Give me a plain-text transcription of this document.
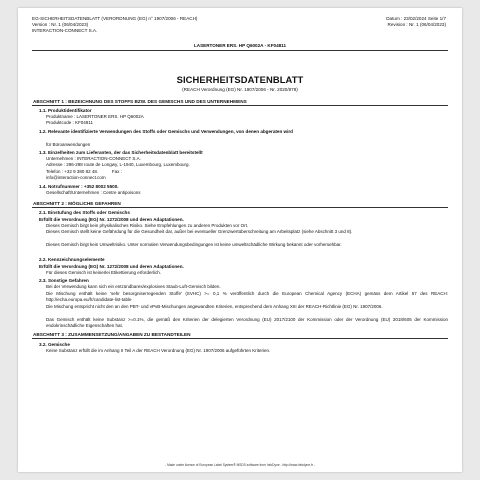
EG-SICHERHEITSDATENBLATT (VERORDNUNG (EG) n° 1907/2006 - REACH)
Version : Nr. 1 (06/04/2023)
INTERACTION-CONNECT S.A.
Datum : 23/02/2024 Seite 1/7
Revision : Nr. 1 (06/04/2023)
LASERTONER ERS. HP Q6002A - KF04811
SICHERHEITSDATENBLATT
(REACH Verordnung (EG) Nr. 1907/2006 - Nr. 2020/878)
ABSCHNITT 1 : BEZEICHNUNG DES STOFFS BZW. DES GEMISCHS UND DES UNTERNEHMENS
1.1. Produktidentifikator
Produktname : LASERTONER ERS. HP Q6002A
Produktcode : KF04811
1.2. Relevante identifizierte Verwendungen des Stoffs oder Gemischs und Verwendungen, von denen abgeraten wird
für Büroanwendungen
1.3. Einzelheiten zum Lieferanten, der das Sicherheitsdatenblatt bereitstellt
Unternehmen : INTERACTION-CONNECT S.A.
Adresse : 296-298 route de Longwy, L-1940, Luxembourg, Luxembourg.
Telefon : +32 9 380 82 48.           Fax :
info@interaction-connect.com
1.4. Notrufnummer : +352 8002 5500.
Gesellschaft/Unternehmen : Centre antipoisons
ABSCHNITT 2 : MÖGLICHE GEFAHREN
2.1. Einstufung des Stoffs oder Gemischs
Erfüllt die Verordnung (EG) Nr. 1272/2008 und deren Adaptationen.
Dieses Gemisch birgt kein physikalisches Risiko. Siehe Empfehlungen zu anderen Produkten vor Ort.
Dieses Gemisch stellt keine Gefährdung für die Gesundheit dar, außer bei eventueller Grenzwertüberschreitung am Arbeitsplatz (siehe Abschnitt 3 und 8).
Dieses Gemisch birgt kein Umweltrisiko. Unter normalen Verwendungsbedingungen ist keine umweltschädliche Wirkung bekannt oder vorhersehbar.
2.2. Kennzeichnungselemente
Erfüllt die Verordnung (EG) Nr. 1272/2008 und deren Adaptationen.
Für dieses Gemisch ist keinerlei Etikettierung erforderlich.
2.3. Sonstige Gefahren
Bei der Verwendung kann sich ein entzündbares/explosives Staub-Luft-Gemisch bilden.
Die Mischung enthält keine 'sehr besorgniserregenden Stoffe' (SVHC) >= 0,1 % veröffentlich durch die European Chemical Agency (ECHA) gemäss dem Artikel 57 des REACH: http://echa.europa.eu/fr/candidate-list-table
Die Mischung entspricht nicht den an den PBT- und vPvB-Mischungen angewandten Kriterien, entsprechend dem Anhang XIII der REACH-Richtlinie (EG) Nr. 1907/2006.
Das Gemisch enthält keine Substanz >=0.1%, die gemäß den Kriterien der delegierten Verordnung (EU) 2017/2100 der Kommission oder der Verordnung (EU) 2018/605 der Kommission endokrinschädliche Eigenschaften hat.
ABSCHNITT 3 : ZUSAMMENSETZUNG/ANGABEN ZU BESTANDTEILEN
3.2. Gemische
Keine Substanz erfüllt die im Anhang II Teil A der REACH Verordnung (EG) Nr. 1907/2006 aufgeführten Kriterien.
- Made under licence of European Label System® MSDS software from InfoDyne - http://www.infodyne.fr -
